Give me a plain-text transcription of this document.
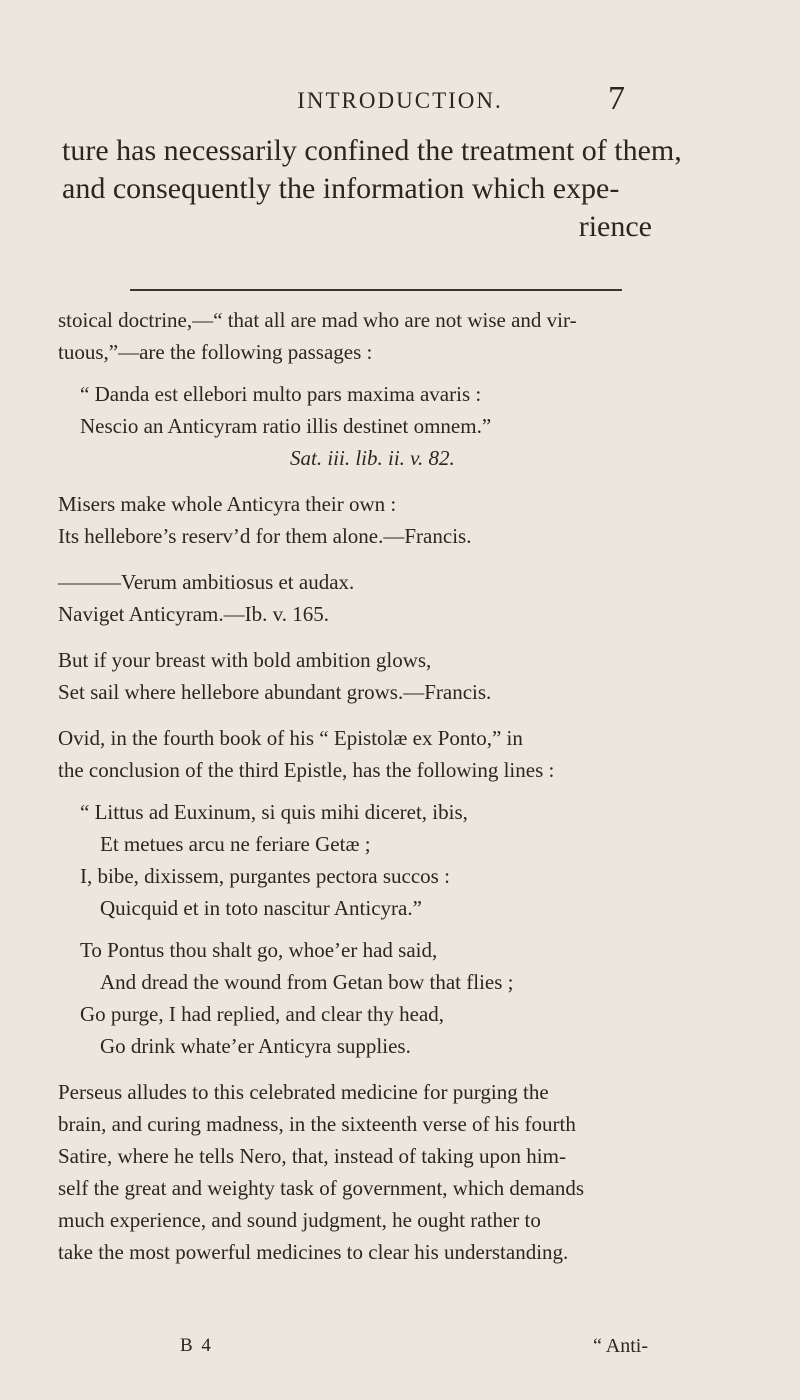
INTRODUCTION.	7
ture has necessarily confined the treatment of them,
and consequently the information which expe-
rience
stoical doctrine,—“ that all are mad who are not wise and vir-
tuous,”—are the following passages :
“ Danda est ellebori multo pars maxima avaris :
Nescio an Anticyram ratio illis destinet omnem.”
Sat. iii. lib. ii. v. 82.
Misers make whole Anticyra their own :
Its hellebore’s reserv’d for them alone.—Francis.
———Verum ambitiosus et audax.
Naviget Anticyram.—Ib. v. 165.
But if your breast with bold ambition glows,
Set sail where hellebore abundant grows.—Francis.
Ovid, in the fourth book of his “ Epistolæ ex Ponto,” in
the conclusion of the third Epistle, has the following lines :
“ Littus ad Euxinum, si quis mihi diceret, ibis,
Et metues arcu ne feriare Getæ ;
I, bibe, dixissem, purgantes pectora succos :
Quicquid et in toto nascitur Anticyra.”
To Pontus thou shalt go, whoe’er had said,
And dread the wound from Getan bow that flies ;
Go purge, I had replied, and clear thy head,
Go drink whate’er Anticyra supplies.
Perseus alludes to this celebrated medicine for purging the
brain, and curing madness, in the sixteenth verse of his fourth
Satire, where he tells Nero, that, instead of taking upon him-
self the great and weighty task of government, which demands
much experience, and sound judgment, he ought rather to
take the most powerful medicines to clear his understanding.
B 4	“ Anti-
